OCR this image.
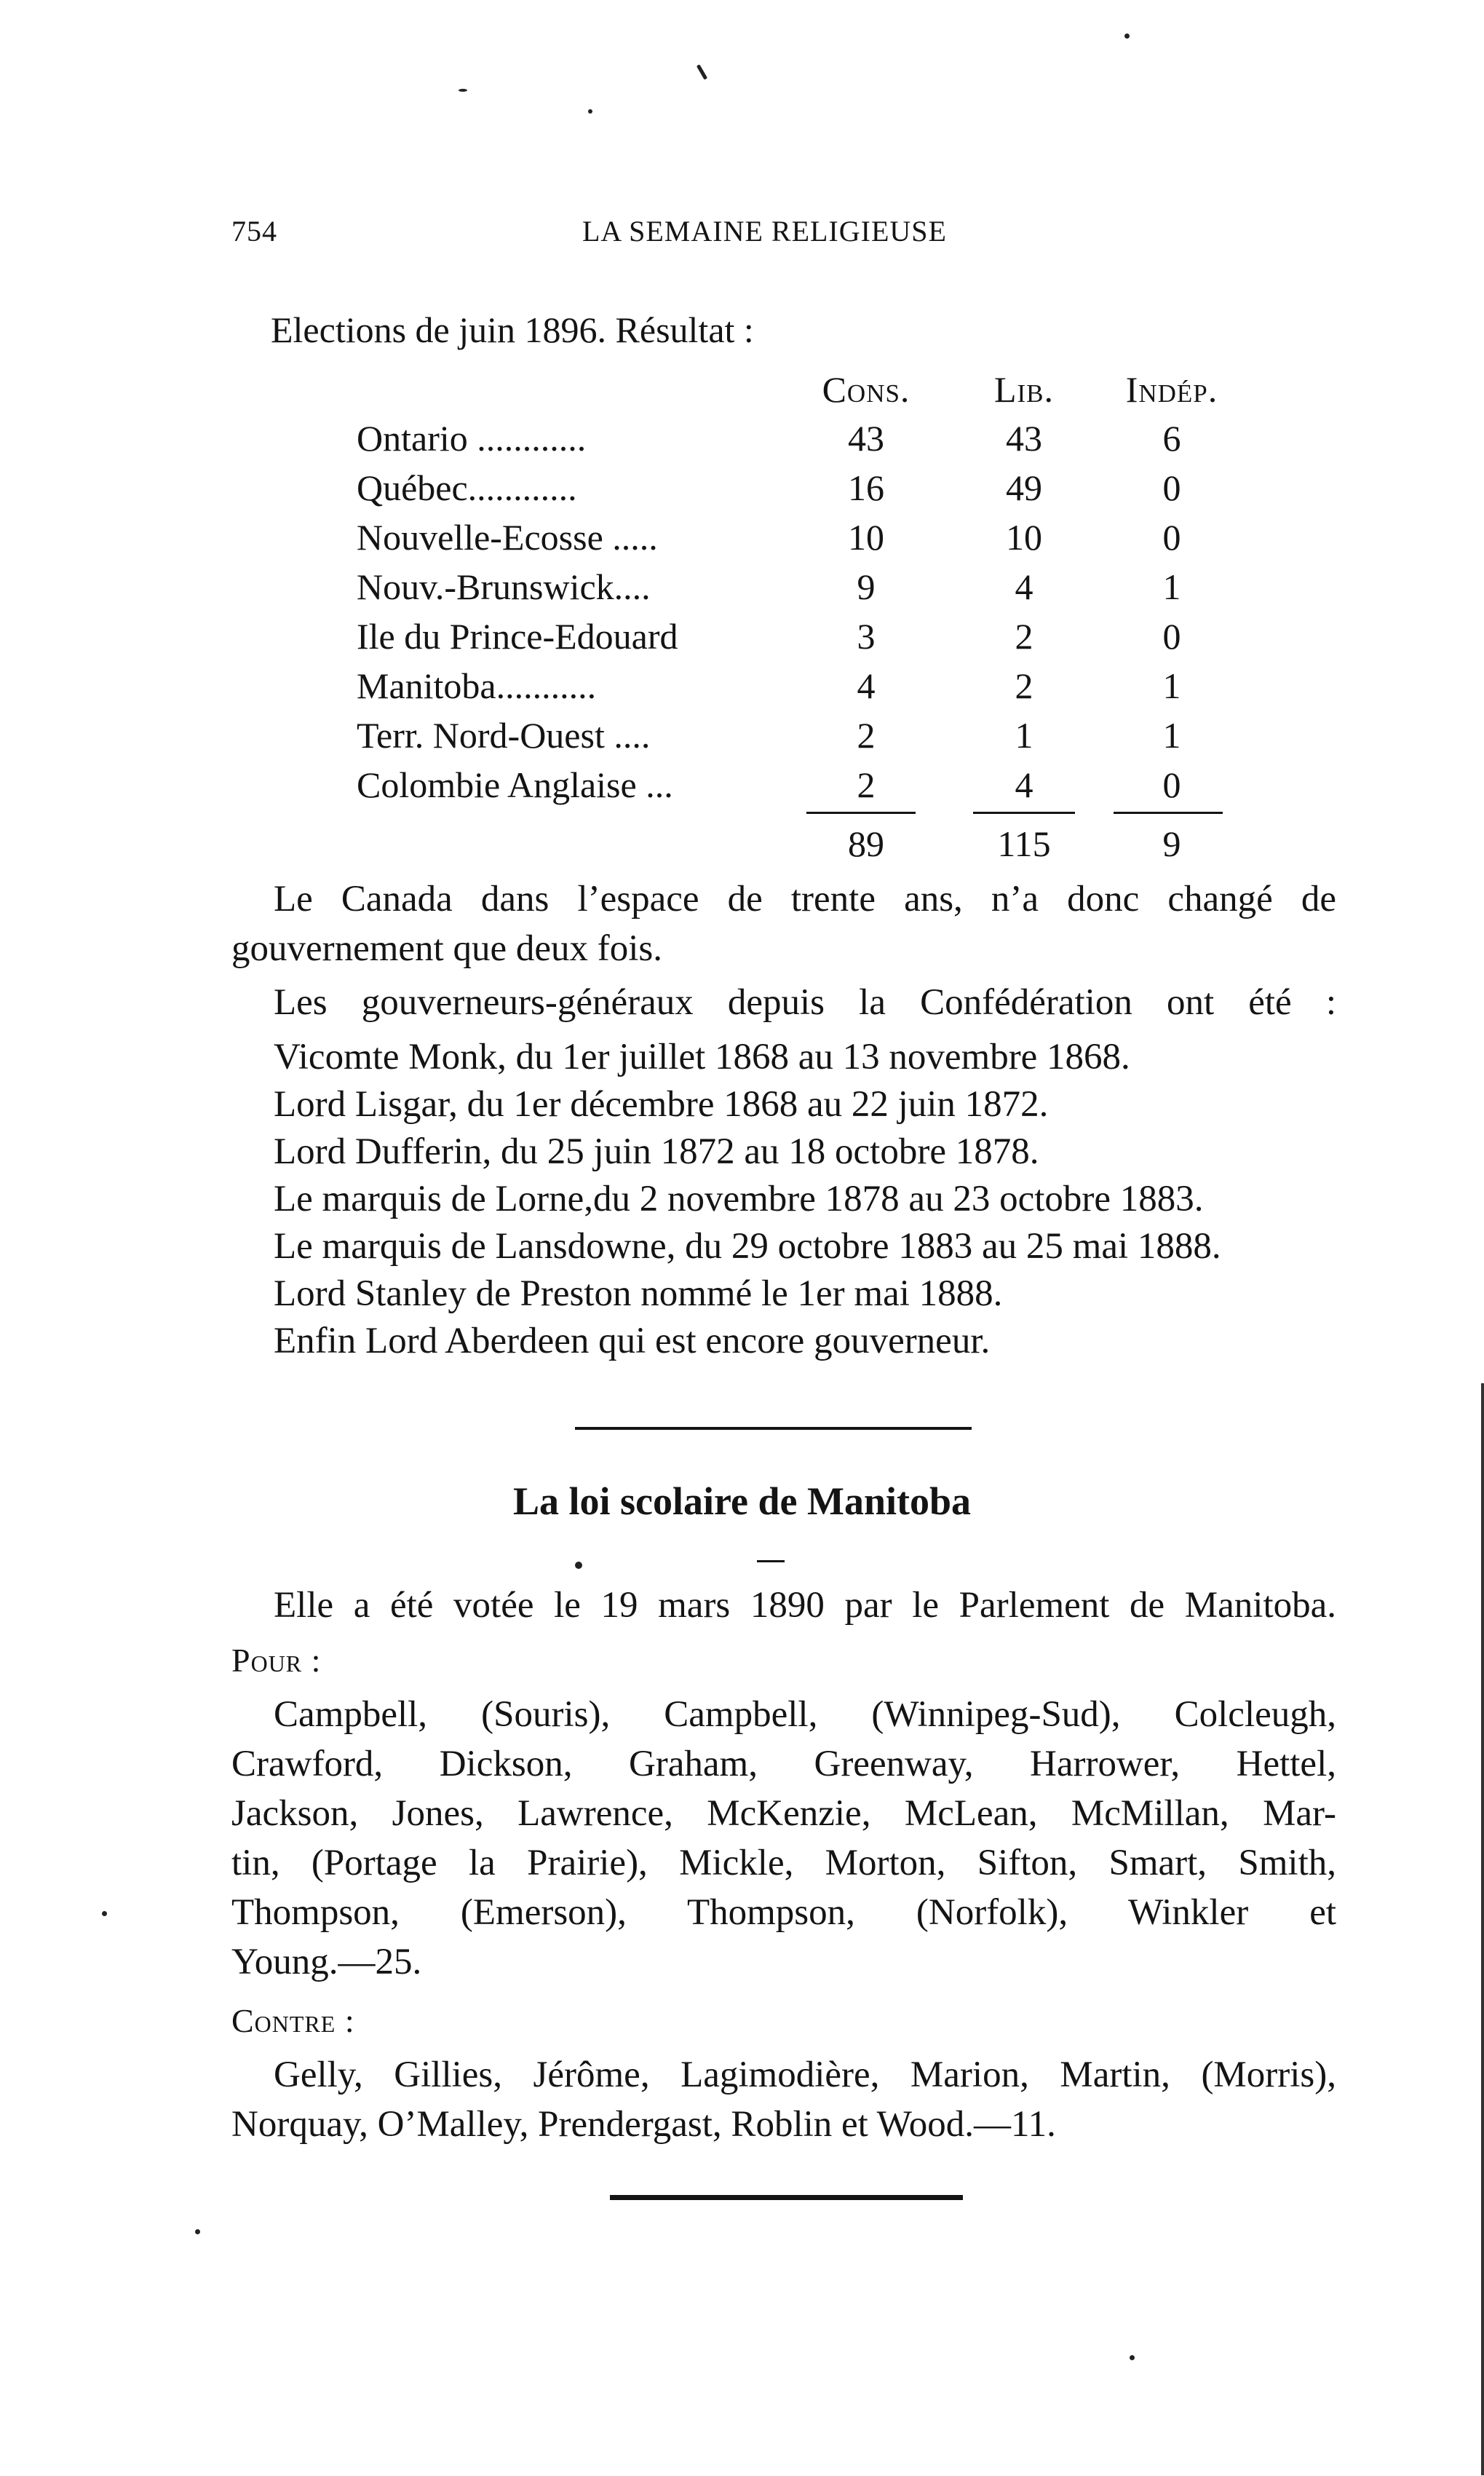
754	LA SEMAINE RELIGIEUSE
Elections de juin 1896. Résultat :
Cons.	Lib.	Indép.
Ontario ............	43	43	6
Québec............	16	49	0
Nouvelle-Ecosse .....	10	10	0
Nouv.-Brunswick....	9	4	1
Ile du Prince-Edouard	3	2	0
Manitoba...........	4	2	1
Terr. Nord-Ouest ....	2	1	1
Colombie Anglaise ...	2	4	0
89	115	9
Le Canada dans l’espace de trente ans, n’a donc changé de
gouvernement que deux fois.
Les gouverneurs-généraux depuis la Confédération ont été :
Vicomte Monk, du 1er juillet 1868 au 13 novembre 1868.
Lord Lisgar, du 1er décembre 1868 au 22 juin 1872.
Lord Dufferin, du 25 juin 1872 au 18 octobre 1878.
Le marquis de Lorne,du 2 novembre 1878 au 23 octobre 1883.
Le marquis de Lansdowne, du 29 octobre 1883 au 25 mai 1888.
Lord Stanley de Preston nommé le 1er mai 1888.
Enfin Lord Aberdeen qui est encore gouverneur.
La loi scolaire de Manitoba
Elle a été votée le 19 mars 1890 par le Parlement de Manitoba.
Pour :
Campbell, (Souris), Campbell, (Winnipeg-Sud), Colcleugh,
Crawford, Dickson, Graham, Greenway, Harrower, Hettel,
Jackson, Jones, Lawrence, McKenzie, McLean, McMillan, Mar-
tin, (Portage la Prairie), Mickle, Morton, Sifton, Smart, Smith,
Thompson, (Emerson), Thompson, (Norfolk), Winkler et
Young.—25.
Contre :
Gelly, Gillies, Jérôme, Lagimodière, Marion, Martin, (Morris),
Norquay, O’Malley, Prendergast, Roblin et Wood.—11.
